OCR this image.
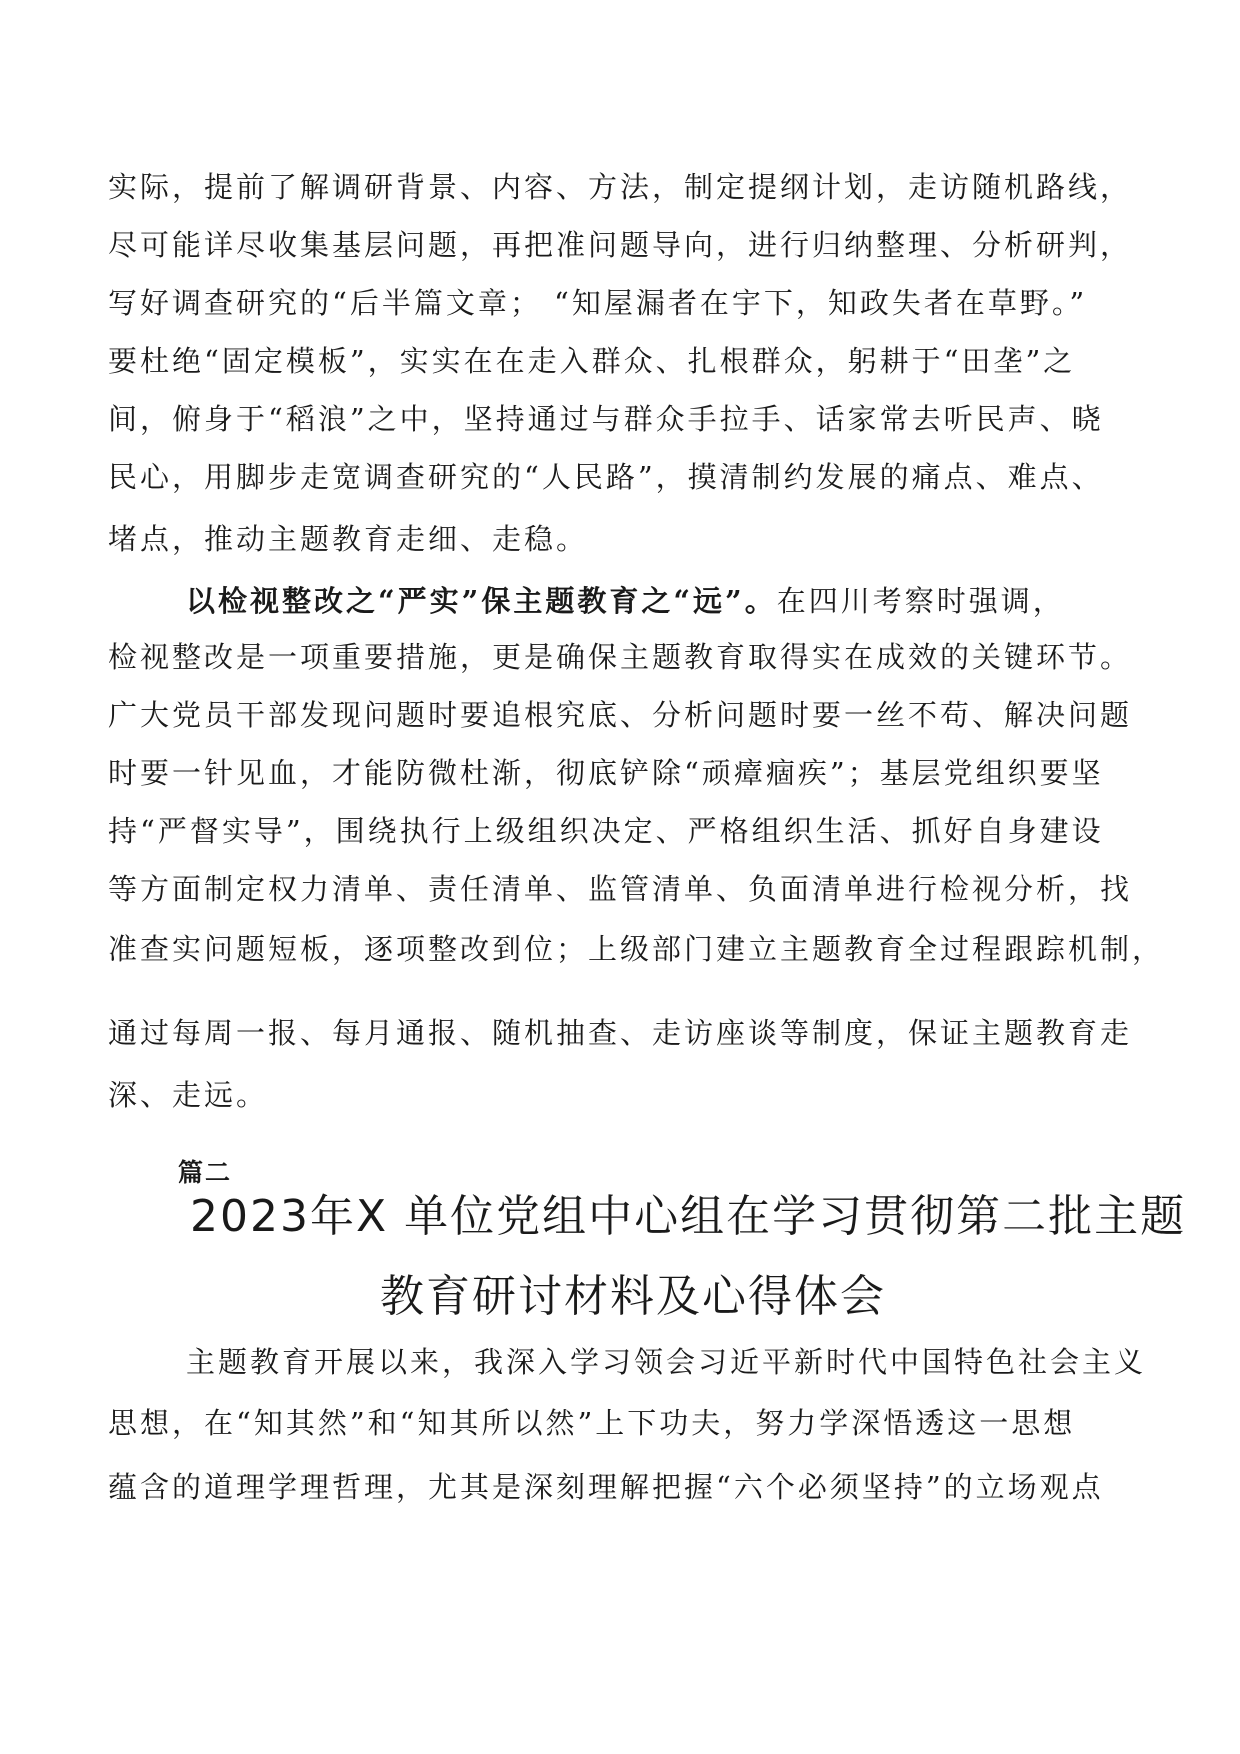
实际，提前了解调研背景、内容、方法，制定提纲计划，走访随机路线，
尽可能详尽收集基层问题，再把准问题导向，进行归纳整理、分析研判，
写好调查研究的“后半篇文章； “知屋漏者在宇下，知政失者在草野。”
要杜绝“固定模板”，实实在在走入群众、扎根群众，躬耕于“田垄”之
间，俯身于“稻浪”之中，坚持通过与群众手拉手、话家常去听民声、晓
民心，用脚步走宽调查研究的“人民路”，摸清制约发展的痛点、难点、
堵点，推动主题教育走细、走稳。
以检视整改之“严实”保主题教育之“远”。在四川考察时强调，
检视整改是一项重要措施，更是确保主题教育取得实在成效的关键环节。
广大党员干部发现问题时要追根究底、分析问题时要一丝不苟、解决问题
时要一针见血，才能防微杜渐，彻底铲除“顽瘴痼疾”；基层党组织要坚
持“严督实导”，围绕执行上级组织决定、严格组织生活、抓好自身建设
等方面制定权力清单、责任清单、监管清单、负面清单进行检视分析，找
准查实问题短板，逐项整改到位；上级部门建立主题教育全过程跟踪机制，
通过每周一报、每月通报、随机抽查、走访座谈等制度，保证主题教育走
深、走远。
篇二
2023年X 单位党组中心组在学习贯彻第二批主题
教育研讨材料及心得体会
主题教育开展以来，我深入学习领会习近平新时代中国特色社会主义
思想，在“知其然”和“知其所以然”上下功夫，努力学深悟透这一思想
蕴含的道理学理哲理，尤其是深刻理解把握“六个必须坚持”的立场观点
